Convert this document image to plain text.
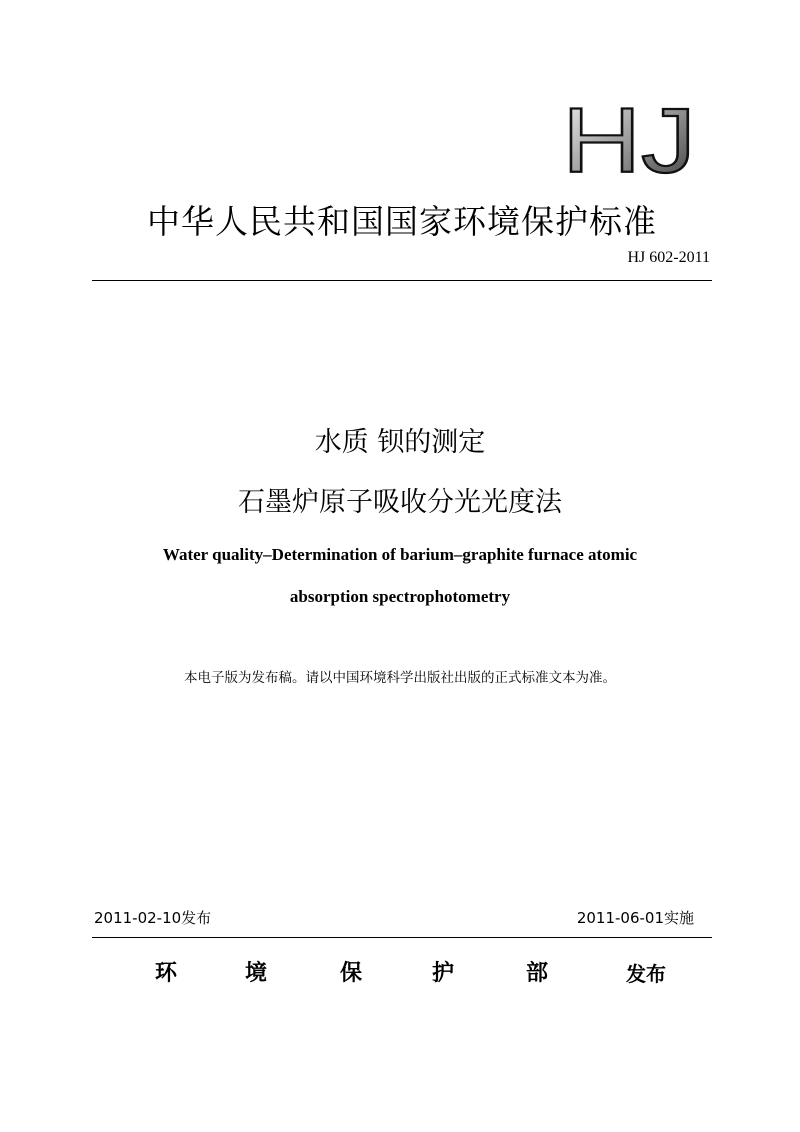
HJ
中华人民共和国国家环境保护标准
HJ 602-2011
水质 钡的测定
石墨炉原子吸收分光光度法
Water quality–Determination of barium–graphite furnace atomic
absorption spectrophotometry
本电子版为发布稿。请以中国环境科学出版社出版的正式标准文本为准。
2011-02-10发布	2011-06-01实施
环	境	保	护	部	发布
